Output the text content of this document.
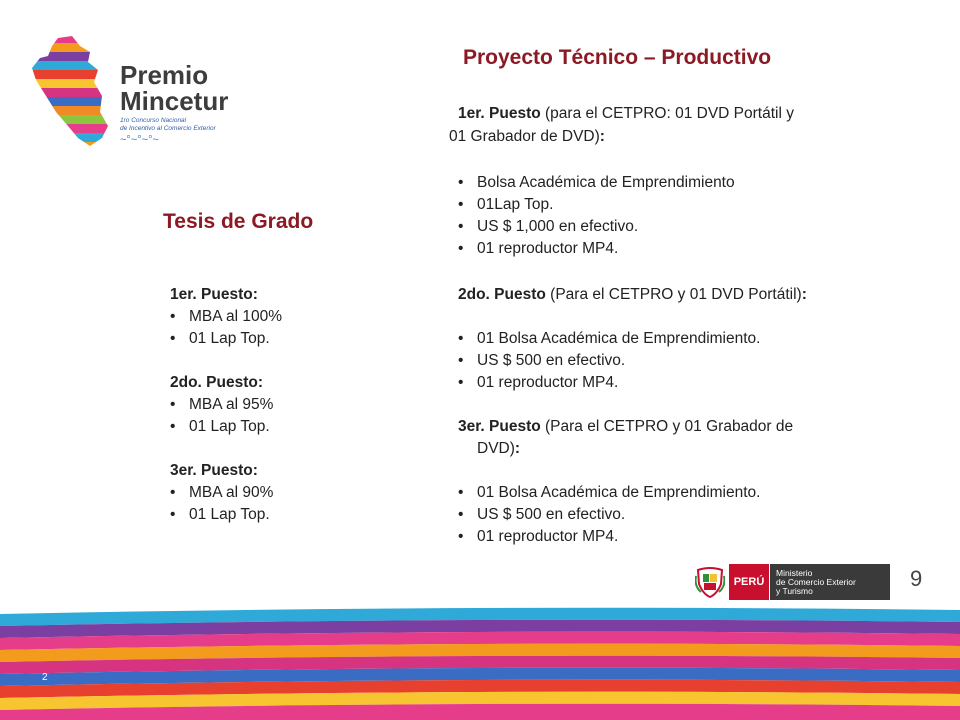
Premio
Mincetur
1ro Concurso Nacional
de Incentivo al Comercio Exterior
~°~°~°~
Proyecto Técnico – Productivo
Tesis de Grado
1er. Puesto:
• MBA al 100%
• 01 Lap Top.
2do. Puesto:
• MBA al 95%
• 01 Lap Top.
3er. Puesto:
• MBA al 90%
• 01 Lap Top.
1er. Puesto (para el CETPRO: 01 DVD Portátil y
01 Grabador de DVD):
• Bolsa Académica de Emprendimiento
• 01Lap Top.
• US $ 1,000 en efectivo.
• 01 reproductor MP4.
2do. Puesto (Para el CETPRO y 01 DVD Portátil):
• 01 Bolsa Académica de Emprendimiento.
• US $ 500 en efectivo.
• 01 reproductor MP4.
3er. Puesto (Para el CETPRO y 01 Grabador de
DVD):
• 01 Bolsa Académica de Emprendimiento.
• US $ 500 en efectivo.
• 01 reproductor MP4.
PERÚ
Ministerio
de Comercio Exterior
y Turismo	9
2
